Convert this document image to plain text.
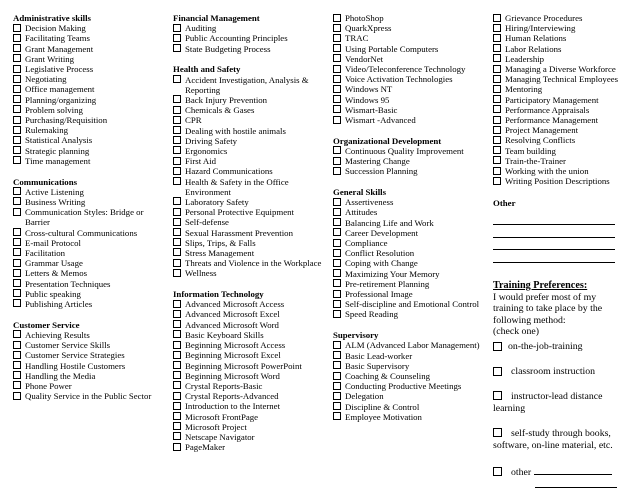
Administrative skills
Decision Making
Facilitating Teams
Grant Management
Grant Writing
Legislative Process
Negotiating
Office management
Planning/organizing
Problem solving
Purchasing/Requisition
Rulemaking
Statistical Analysis
Strategic planning
Time management
Communications
Active Listening
Business Writing
Communication Styles: Bridge or Barrier
Cross-cultural Communications
E-mail Protocol
Facilitation
Grammar Usage
Letters & Memos
Presentation Techniques
Public speaking
Publishing Articles
Customer Service
Achieving Results
Customer Service Skills
Customer Service Strategies
Handling Hostile Customers
Handling the Media
Phone Power
Quality Service in the Public Sector
Financial Management
Auditing
Public Accounting Principles
State Budgeting Process
Health and Safety
Accident Investigation, Analysis & Reporting
Back Injury Prevention
Chemicals & Gases
CPR
Dealing with hostile animals
Driving Safety
Ergonomics
First Aid
Hazard Communications
Health & Safety in the Office Environment
Laboratory Safety
Personal Protective Equipment
Self-defense
Sexual Harassment Prevention
Slips, Trips, & Falls
Stress Management
Threats and Violence in the Workplace
Wellness
Information Technology
Advanced Microsoft Access
Advanced Microsoft Excel
Advanced Microsoft Word
Basic Keyboard Skills
Beginning Microsoft Access
Beginning Microsoft Excel
Beginning Microsoft PowerPoint
Beginning Microsoft Word
Crystal Reports-Basic
Crystal Reports-Advanced
Introduction to the Internet
Microsoft FrontPage
Microsoft Project
Netscape Navigator
PageMaker
PhotoShop
QuarkXpress
TRAC
Using Portable Computers
VendorNet
Video/Teleconference Technology
Voice Activation Technologies
Windows NT
Windows 95
Wismart-Basic
Wismart -Advanced
Organizational Development
Continuous Quality Improvement
Mastering Change
Succession Planning
General Skills
Assertiveness
Attitudes
Balancing Life and Work
Career Development
Compliance
Conflict Resolution
Coping with Change
Maximizing Your Memory
Pre-retirement Planning
Professional Image
Self-discipline and Emotional Control
Speed Reading
Supervisory
ALM (Advanced Labor Management)
Basic Lead-worker
Basic Supervisory
Coaching & Counseling
Conducting Productive Meetings
Delegation
Discipline & Control
Employee Motivation
Grievance Procedures
Hiring/Interviewing
Human Relations
Labor Relations
Leadership
Managing a Diverse Workforce
Managing Technical Employees
Mentoring
Participatory Management
Performance Appraisals
Performance Management
Project Management
Resolving Conflicts
Team building
Train-the-Trainer
Working with the union
Writing Position Descriptions
Other
Training Preferences:
I would prefer most of my training to take place by the following method:
(check one)
on-the-job-training
classroom instruction
instructor-lead distance learning
self-study through books, software, on-line material, etc.
other
